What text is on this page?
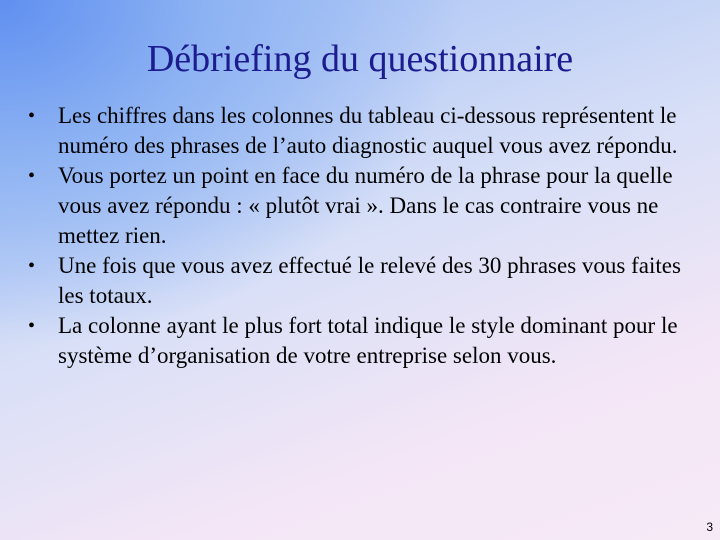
Débriefing du questionnaire
• Les chiffres dans les colonnes du tableau ci-dessous représentent le numéro des phrases de l’auto diagnostic auquel vous avez répondu.
• Vous portez un point en face du numéro de la phrase pour la quelle vous avez répondu : « plutôt vrai ». Dans le cas contraire vous ne mettez rien.
• Une fois que vous avez effectué le relevé des 30 phrases vous faites les totaux.
• La colonne ayant le plus fort total indique le style dominant pour le système d’organisation de votre entreprise selon vous.
3
